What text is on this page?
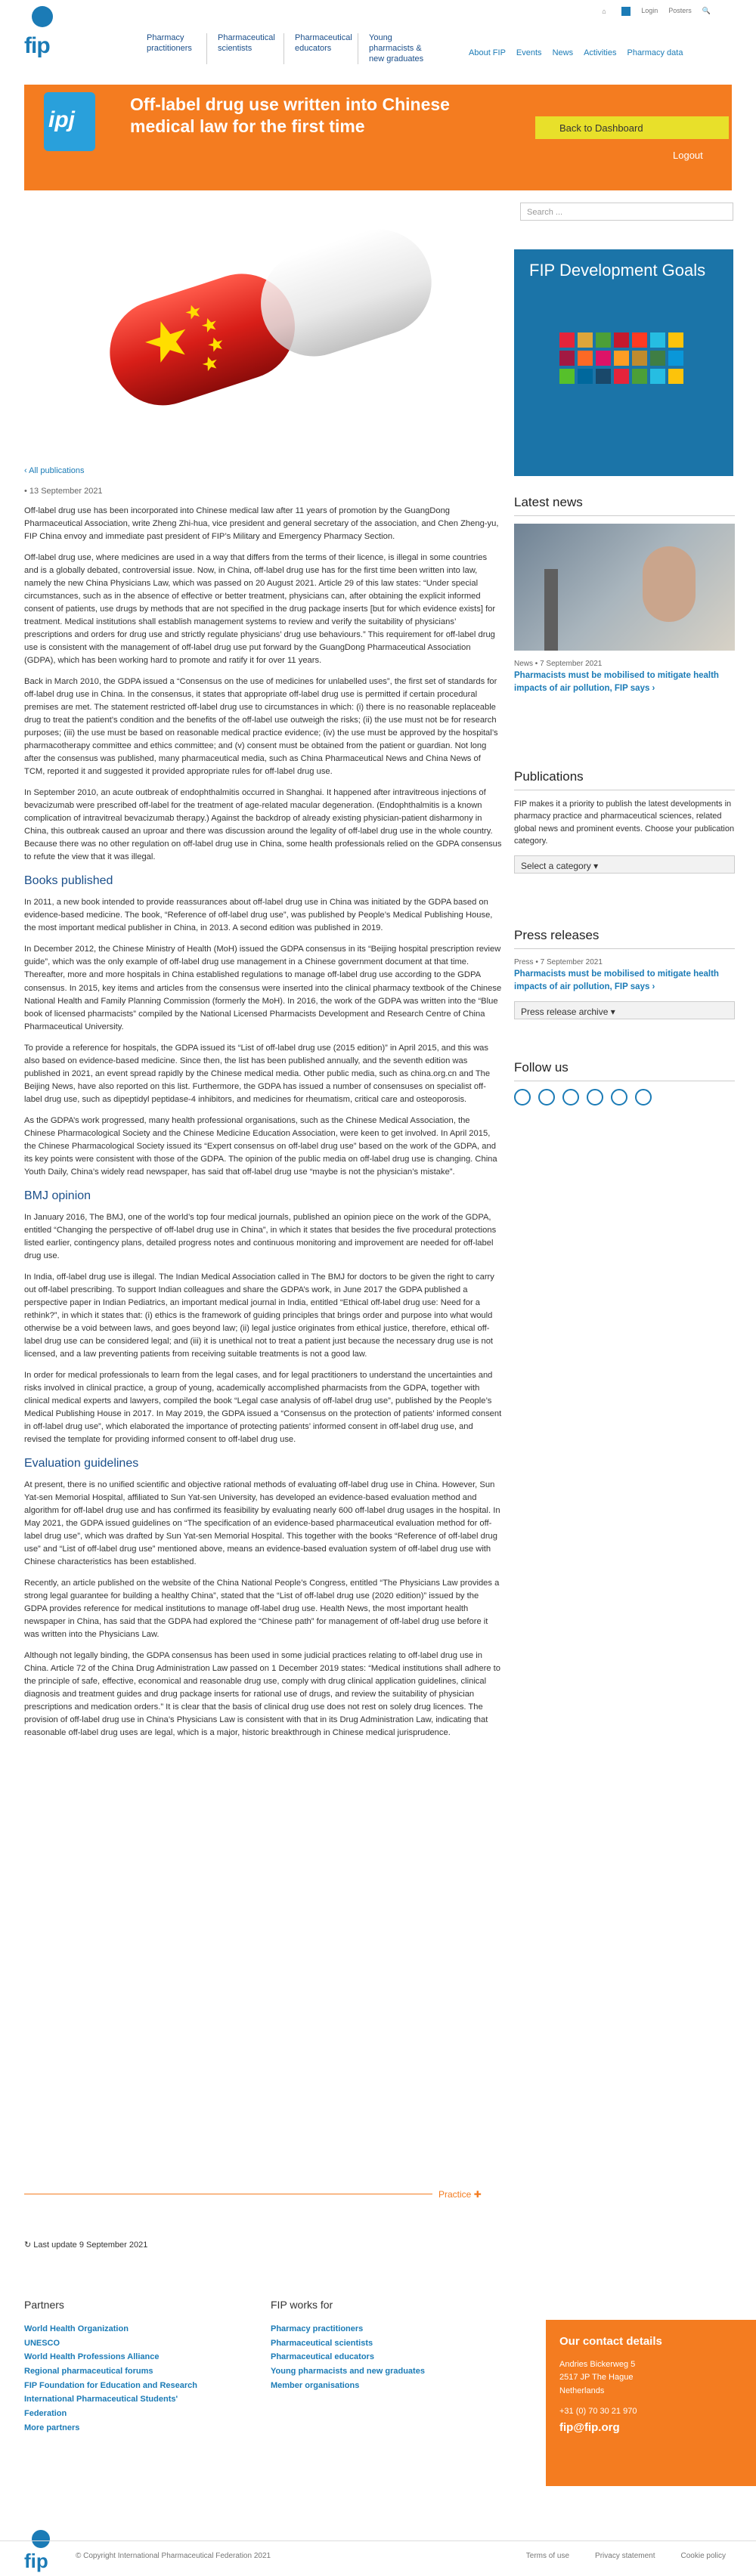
fip
⌂	Login Posters 🔍
Pharmacy practitioners
Pharmaceutical scientists
Pharmaceutical educators
Young pharmacists & new graduates
About FIP Events News Activities Pharmacy data
ipj
Off-label drug use written into Chinese medical law for the first time	Back to Dashboard
Logout
Search ...
FIP Development Goals
‹ All publications
• 13 September 2021

Off-label drug use has been incorporated into Chinese medical law after 11 years of promotion by the GuangDong Pharmaceutical Association, write Zheng Zhi-hua, vice president and general secretary of the association, and Chen Zheng-yu, FIP China envoy and immediate past president of FIP’s Military and Emergency Pharmacy Section.

Off-label drug use, where medicines are used in a way that differs from the terms of their licence, is illegal in some countries and is a globally debated, controversial issue. Now, in China, off-label drug use has for the first time been written into law, namely the new China Physicians Law, which was passed on 20 August 2021. Article 29 of this law states: “Under special circumstances, such as in the absence of effective or better treatment, physicians can, after obtaining the explicit informed consent of patients, use drugs by methods that are not specified in the drug package inserts [but for which evidence exists] for treatment. Medical institutions shall establish management systems to review and verify the suitability of physicians’ prescriptions and orders for drug use and strictly regulate physicians’ drug use behaviours.” This requirement for off-label drug use is consistent with the management of off-label drug use put forward by the GuangDong Pharmaceutical Association (GDPA), which has been working hard to promote and ratify it for over 11 years.

Back in March 2010, the GDPA issued a “Consensus on the use of medicines for unlabelled uses”, the first set of standards for off-label drug use in China. In the consensus, it states that appropriate off-label drug use is permitted if certain procedural premises are met. The statement restricted off-label drug use to circumstances in which: (i) there is no reasonable replaceable drug to treat the patient’s condition and the benefits of the off-label use outweigh the risks; (ii) the use must not be for research purposes; (iii) the use must be based on reasonable medical practice evidence; (iv) the use must be approved by the hospital’s pharmacotherapy committee and ethics committee; and (v) consent must be obtained from the patient or guardian. Not long after the consensus was published, many pharmaceutical media, such as China Pharmaceutical News and China News of TCM, reported it and suggested it provided appropriate rules for off-label drug use.

In September 2010, an acute outbreak of endophthalmitis occurred in Shanghai. It happened after intravitreous injections of bevacizumab were prescribed off-label for the treatment of age-related macular degeneration. (Endophthalmitis is a known complication of intravitreal bevacizumab therapy.) Against the backdrop of already existing physician-patient disharmony in China, this outbreak caused an uproar and there was discussion around the legality of off-label drug use in the whole country. Because there was no other regulation on off-label drug use in China, some health professionals relied on the GDPA consensus to refute the view that it was illegal.

Books published

In 2011, a new book intended to provide reassurances about off-label drug use in China was initiated by the GDPA based on evidence-based medicine. The book, “Reference of off-label drug use”, was published by People’s Medical Publishing House, the most important medical publisher in China, in 2013. A second edition was published in 2019.

In December 2012, the Chinese Ministry of Health (MoH) issued the GDPA consensus in its “Beijing hospital prescription review guide”, which was the only example of off-label drug use management in a Chinese government document at that time. Thereafter, more and more hospitals in China established regulations to manage off-label drug use according to the GDPA consensus. In 2015, key items and articles from the consensus were inserted into the clinical pharmacy textbook of the Chinese National Health and Family Planning Commission (formerly the MoH). In 2016, the work of the GDPA was written into the “Blue book of licensed pharmacists” compiled by the National Licensed Pharmacists Development and Research Centre of China Pharmaceutical University.

To provide a reference for hospitals, the GDPA issued its “List of off-label drug use (2015 edition)” in April 2015, and this was also based on evidence-based medicine. Since then, the list has been published annually, and the seventh edition was published in 2021, an event spread rapidly by the Chinese medical media. Other public media, such as china.org.cn and The Beijing News, have also reported on this list. Furthermore, the GDPA has issued a number of consensuses on specialist off-label drug use, such as dipeptidyl peptidase-4 inhibitors, and medicines for rheumatism, critical care and osteoporosis.

As the GDPA’s work progressed, many health professional organisations, such as the Chinese Medical Association, the Chinese Pharmacological Society and the Chinese Medicine Education Association, were keen to get involved. In April 2015, the Chinese Pharmacological Society issued its “Expert consensus on off-label drug use” based on the work of the GDPA, and its key points were consistent with those of the GDPA. The opinion of the public media on off-label drug use is changing. China Youth Daily, China’s widely read newspaper, has said that off-label drug use “maybe is not the physician’s mistake”.

BMJ opinion

In January 2016, The BMJ, one of the world’s top four medical journals, published an opinion piece on the work of the GDPA, entitled “Changing the perspective of off-label drug use in China”, in which it states that besides the five procedural protections listed earlier, contingency plans, detailed progress notes and continuous monitoring and improvement are needed for off-label drug use.

In India, off-label drug use is illegal. The Indian Medical Association called in The BMJ for doctors to be given the right to carry out off-label prescribing. To support Indian colleagues and share the GDPA’s work, in June 2017 the GDPA published a perspective paper in Indian Pediatrics, an important medical journal in India, entitled “Ethical off-label drug use: Need for a rethink?”, in which it states that: (i) ethics is the framework of guiding principles that brings order and purpose into what would otherwise be a void between laws, and goes beyond law; (ii) legal justice originates from ethical justice, therefore, ethical off-label drug use can be considered legal; and (iii) it is unethical not to treat a patient just because the necessary drug use is not licensed, and a law preventing patients from receiving suitable treatments is not a good law.

In order for medical professionals to learn from the legal cases, and for legal practitioners to understand the uncertainties and risks involved in clinical practice, a group of young, academically accomplished pharmacists from the GDPA, together with clinical medical experts and lawyers, compiled the book “Legal case analysis of off-label drug use”, published by the People’s Medical Publishing House in 2017. In May 2019, the GDPA issued a “Consensus on the protection of patients’ informed consent in off-label drug use”, which elaborated the importance of protecting patients’ informed consent in off-label drug use, and revised the template for providing informed consent to off-label drug use.

Evaluation guidelines

At present, there is no unified scientific and objective rational methods of evaluating off-label drug use in China. However, Sun Yat-sen Memorial Hospital, affiliated to Sun Yat-sen University, has developed an evidence-based evaluation method and algorithm for off-label drug use and has confirmed its feasibility by evaluating nearly 600 off-label drug usages in the hospital. In May 2021, the GDPA issued guidelines on “The specification of an evidence-based pharmaceutical evaluation method for off-label drug use”, which was drafted by Sun Yat-sen Memorial Hospital. This together with the books “Reference of off-label drug use” and “List of off-label drug use” mentioned above, means an evidence-based evaluation system of off-label drug use with Chinese characteristics has been established.

Recently, an article published on the website of the China National People’s Congress, entitled “The Physicians Law provides a strong legal guarantee for building a healthy China”, stated that the “List of off-label drug use (2020 edition)” issued by the GDPA provides reference for medical institutions to manage off-label drug use. Health News, the most important health newspaper in China, has said that the GDPA had explored the “Chinese path” for management of off-label drug use before it was written into the Physicians Law.

Although not legally binding, the GDPA consensus has been used in some judicial practices relating to off-label drug use in China. Article 72 of the China Drug Administration Law passed on 1 December 2019 states: “Medical institutions shall adhere to the principle of safe, effective, economical and reasonable drug use, comply with drug clinical application guidelines, clinical diagnosis and treatment guides and drug package inserts for rational use of drugs, and review the suitability of physician prescriptions and medication orders.” It is clear that the basis of clinical drug use does not rest on solely drug licences. The provision of off-label drug use in China’s Physicians Law is consistent with that in its Drug Administration Law, indicating that reasonable off-label drug uses are legal, which is a major, historic breakthrough in Chinese medical jurisprudence.

Latest news
News • 7 September 2021
Pharmacists must be mobilised to mitigate health impacts of air pollution, FIP says ›
Publications
FIP makes it a priority to publish the latest developments in pharmacy practice and pharmaceutical sciences, related global news and prominent events. Choose your publication category.
Select a category ▾
Press releases
Press • 7 September 2021
Pharmacists must be mobilised to mitigate health impacts of air pollution, FIP says ›
Press release archive ▾
Follow us
Practice ✚
↻ Last update 9 September 2021
Partners
World Health Organization
UNESCO
World Health Professions Alliance
Regional pharmaceutical forums
FIP Foundation for Education and Research
International Pharmaceutical Students' Federation
More partners
FIP works for
Pharmacy practitioners
Pharmaceutical scientists
Pharmaceutical educators
Young pharmacists and new graduates
Member organisations
Our contact details
Andries Bickerweg 5
2517 JP The Hague
Netherlands
+31 (0) 70 30 21 970
fip@fip.org
fip	© Copyright International Pharmaceutical Federation 2021	Terms of use	Privacy statement	Cookie policy
